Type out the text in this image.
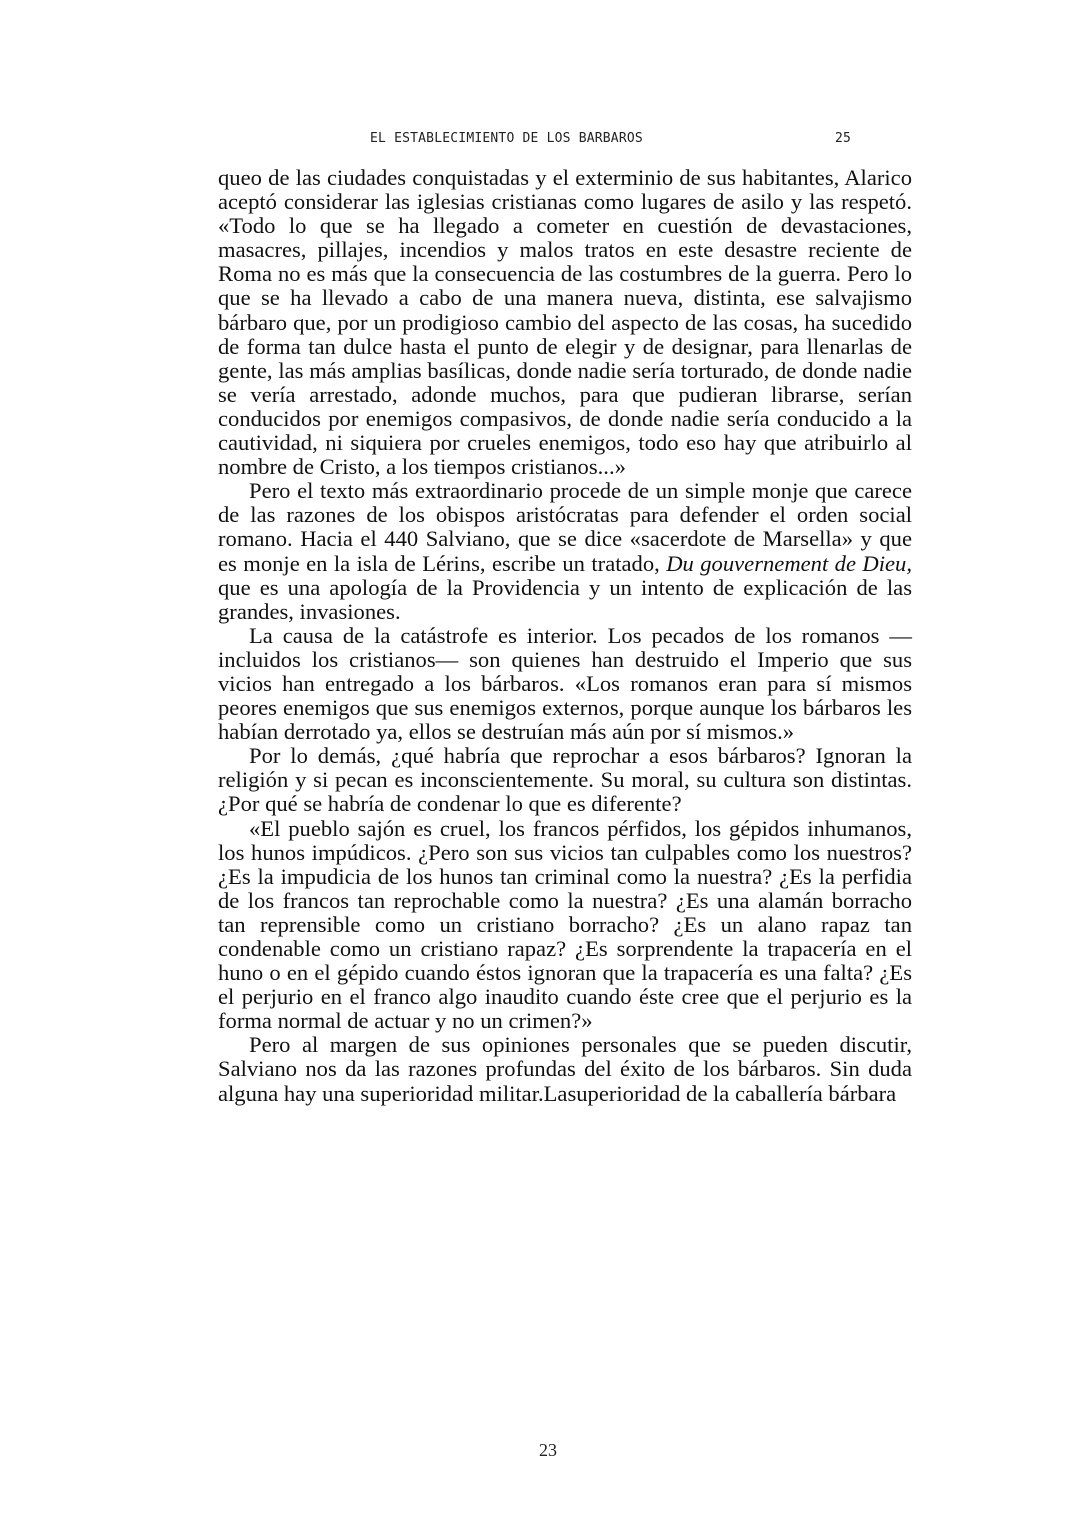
EL ESTABLECIMIENTO DE LOS BARBAROS	25

queo de las ciudades conquistadas y el exterminio de sus habitantes, Alarico aceptó considerar las iglesias cristianas como lugares de asilo y las respetó. «Todo lo que se ha llegado a cometer en cuestión de devastaciones, masacres, pillajes, incendios y malos tratos en este desastre reciente de Roma no es más que la consecuencia de las costumbres de la guerra. Pero lo que se ha llevado a cabo de una manera nueva, distinta, ese salvajismo bárbaro que, por un prodigioso cambio del aspecto de las cosas, ha sucedido de forma tan dulce hasta el punto de elegir y de designar, para llenarlas de gente, las más amplias basílicas, donde nadie sería torturado, de donde nadie se vería arrestado, adonde muchos, para que pudieran librarse, serían conducidos por enemigos compasivos, de donde nadie sería conducido a la cautividad, ni siquiera por crueles enemigos, todo eso hay que atribuirlo al nombre de Cristo, a los tiempos cristianos...»

Pero el texto más extraordinario procede de un simple monje que carece de las razones de los obispos aristócratas para defender el orden social romano. Hacia el 440 Salviano, que se dice «sacerdote de Marsella» y que es monje en la isla de Lérins, escribe un tratado, Du gouvernement de Dieu, que es una apología de la Providencia y un intento de explicación de las grandes, invasiones.

La causa de la catástrofe es interior. Los pecados de los romanos —incluidos los cristianos— son quienes han destruido el Imperio que sus vicios han entregado a los bárbaros. «Los romanos eran para sí mismos peores enemigos que sus enemigos externos, porque aunque los bárbaros les habían derrotado ya, ellos se destruían más aún por sí mismos.»

Por lo demás, ¿qué habría que reprochar a esos bárbaros? Ignoran la religión y si pecan es inconscientemente. Su moral, su cultura son distintas. ¿Por qué se habría de condenar lo que es diferente?

«El pueblo sajón es cruel, los francos pérfidos, los gépidos inhumanos, los hunos impúdicos. ¿Pero son sus vicios tan culpables como los nuestros? ¿Es la impudicia de los hunos tan criminal como la nuestra? ¿Es la perfidia de los francos tan reprochable como la nuestra? ¿Es una alamán borracho tan reprensible como un cristiano borracho? ¿Es un alano rapaz tan condenable como un cristiano rapaz? ¿Es sorprendente la trapacería en el huno o en el gépido cuando éstos ignoran que la trapacería es una falta? ¿Es el perjurio en el franco algo inaudito cuando éste cree que el perjurio es la forma normal de actuar y no un crimen?»

Pero al margen de sus opiniones personales que se pueden discutir, Salviano nos da las razones profundas del éxito de los bárbaros. Sin duda alguna hay una superioridad militar.Lasuperioridad de la caballería bárbara

23
